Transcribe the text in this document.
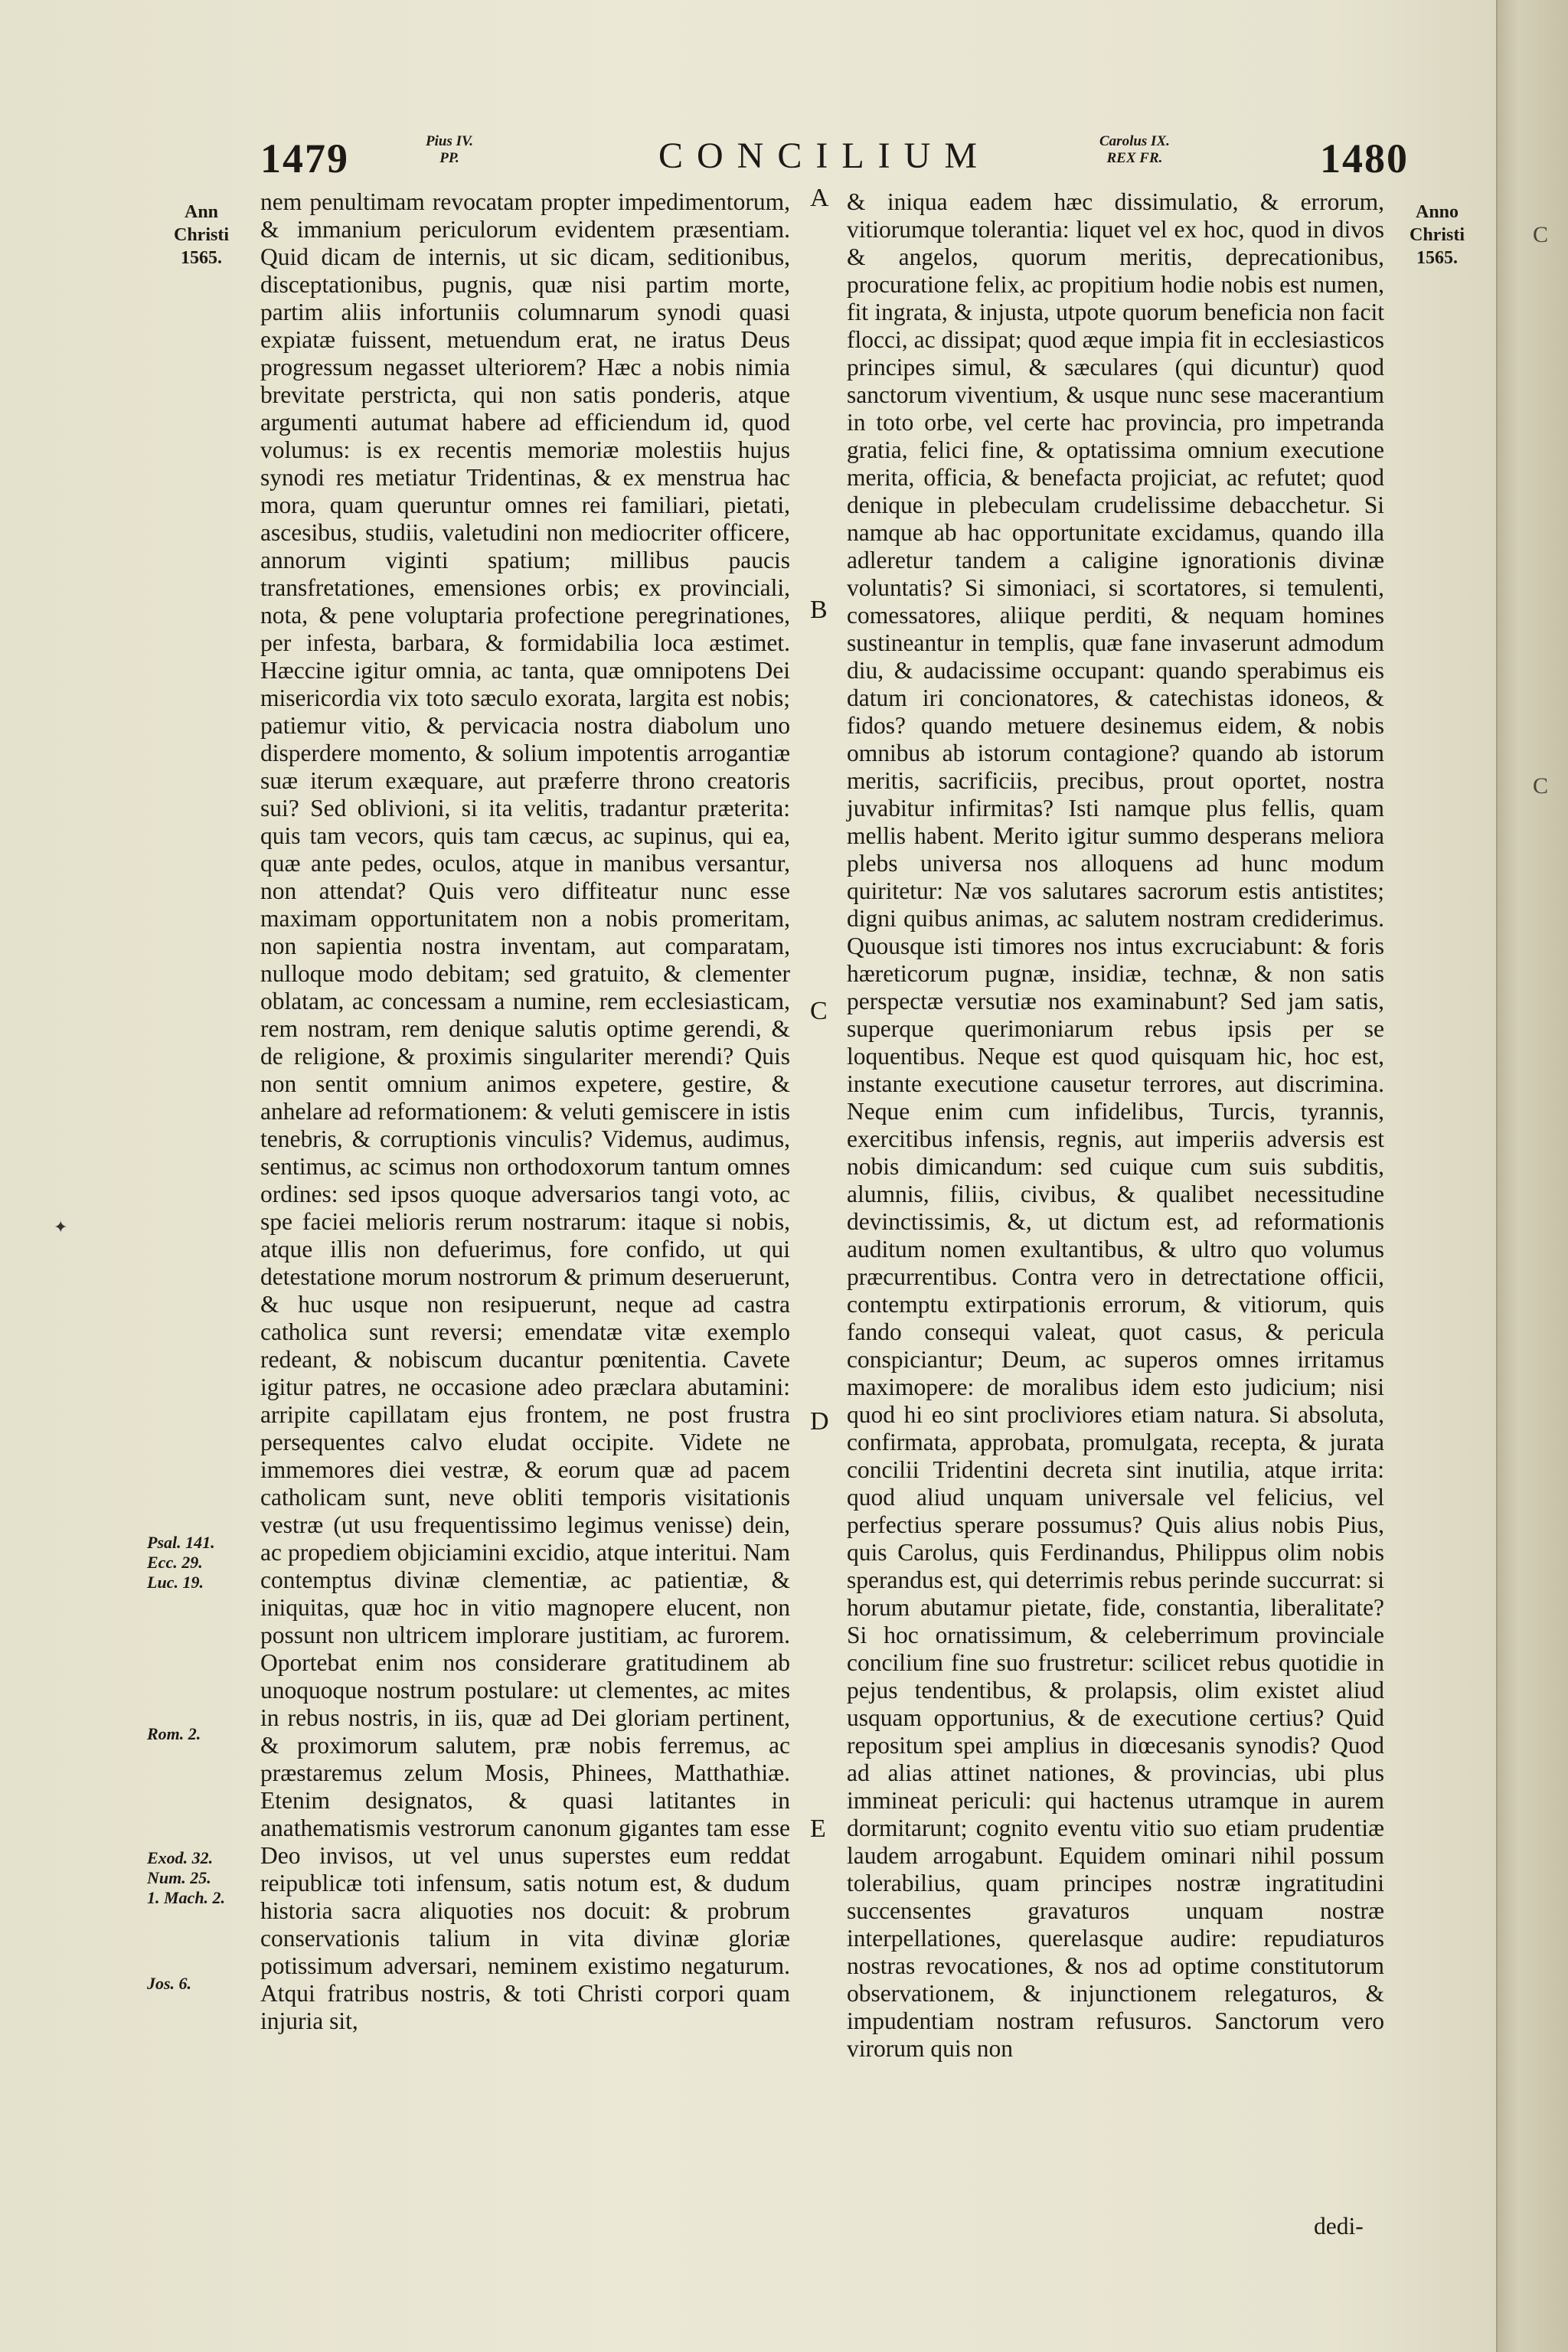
C
C
1479	Pius IV.
PP.	CONCILIUM	Carolus IX.
REX FR.	1480
Ann
Christi
1565.
Anno
Christi
1565.
Psal. 141.
Ecc. 29.
Luc. 19.
Rom. 2.
Exod. 32.
Num. 25.
1. Mach. 2.
Jos. 6.
A
B
C
D
E

nem penultimam revocatam propter impedimentorum, & immanium periculorum evidentem præsentiam. Quid dicam de internis, ut sic dicam, seditionibus, disceptationibus, pugnis, quæ nisi partim morte, partim aliis infortuniis columnarum synodi quasi expiatæ fuissent, metuendum erat, ne iratus Deus progressum negasset ulteriorem? Hæc a nobis nimia brevitate perstricta, qui non satis ponderis, atque argumenti autumat habere ad efficiendum id, quod volumus: is ex recentis memoriæ molestiis hujus synodi res metiatur Tridentinas, & ex menstrua hac mora, quam queruntur omnes rei familiari, pietati, ascesibus, studiis, valetudini non mediocriter officere, annorum viginti spatium; millibus paucis transfretationes, emensiones orbis; ex provinciali, nota, & pene voluptaria profectione peregrinationes, per infesta, barbara, & formidabilia loca æstimet. Hæccine igitur omnia, ac tanta, quæ omnipotens Dei misericordia vix toto sæculo exorata, largita est nobis; patiemur vitio, & pervicacia nostra diabolum uno disperdere momento, & solium impotentis arrogantiæ suæ iterum exæquare, aut præferre throno creatoris sui? Sed oblivioni, si ita velitis, tradantur præterita: quis tam vecors, quis tam cæcus, ac supinus, qui ea, quæ ante pedes, oculos, atque in manibus versantur, non attendat? Quis vero diffiteatur nunc esse maximam opportunitatem non a nobis promeritam, non sapientia nostra inventam, aut comparatam, nulloque modo debitam; sed gratuito, & clementer oblatam, ac concessam a numine, rem ecclesiasticam, rem nostram, rem denique salutis optime gerendi, & de religione, & proximis singulariter merendi? Quis non sentit omnium animos expetere, gestire, & anhelare ad reformationem: & veluti gemiscere in istis tenebris, & corruptionis vinculis? Videmus, audimus, sentimus, ac scimus non orthodoxorum tantum omnes ordines: sed ipsos quoque adversarios tangi voto, ac spe faciei melioris rerum nostrarum: itaque si nobis, atque illis non defuerimus, fore confido, ut qui detestatione morum nostrorum & primum deseruerunt, & huc usque non resipuerunt, neque ad castra catholica sunt reversi; emendatæ vitæ exemplo redeant, & nobiscum ducantur pœnitentia. Cavete igitur patres, ne occasione adeo præclara abutamini: arripite capillatam ejus frontem, ne post frustra persequentes calvo eludat occipite. Videte ne immemores diei vestræ, & eorum quæ ad pacem catholicam sunt, neve obliti temporis visitationis vestræ (ut usu frequentissimo legimus venisse) dein, ac propediem objiciamini excidio, atque interitui. Nam contemptus divinæ clementiæ, ac patientiæ, & iniquitas, quæ hoc in vitio magnopere elucent, non possunt non ultricem implorare justitiam, ac furorem. Oportebat enim nos considerare gratitudinem ab unoquoque nostrum postulare: ut clementes, ac mites in rebus nostris, in iis, quæ ad Dei gloriam pertinent, & proximorum salutem, præ nobis ferremus, ac præstaremus zelum Mosis, Phinees, Matthathiæ. Etenim designatos, & quasi latitantes in anathematismis vestrorum canonum gigantes tam esse Deo invisos, ut vel unus superstes eum reddat reipublicæ toti infensum, satis notum est, & dudum historia sacra aliquoties nos docuit: & probrum conservationis talium in vita divinæ gloriæ potissimum adversari, neminem existimo negaturum. Atqui fratribus nostris, & toti Christi corpori quam injuria sit,

& iniqua eadem hæc dissimulatio, & errorum, vitiorumque tolerantia: liquet vel ex hoc, quod in divos & angelos, quorum meritis, deprecationibus, procuratione felix, ac propitium hodie nobis est numen, fit ingrata, & injusta, utpote quorum beneficia non facit flocci, ac dissipat; quod æque impia fit in ecclesiasticos principes simul, & sæculares (qui dicuntur) quod sanctorum viventium, & usque nunc sese macerantium in toto orbe, vel certe hac provincia, pro impetranda gratia, felici fine, & optatissima omnium executione merita, officia, & benefacta projiciat, ac refutet; quod denique in plebeculam crudelissime debacchetur. Si namque ab hac opportunitate excidamus, quando illa adleretur tandem a caligine ignorationis divinæ voluntatis? Si simoniaci, si scortatores, si temulenti, comessatores, aliique perditi, & nequam homines sustineantur in templis, quæ fane invaserunt admodum diu, & audacissime occupant: quando sperabimus eis datum iri concionatores, & catechistas idoneos, & fidos? quando metuere desinemus eidem, & nobis omnibus ab istorum contagione? quando ab istorum meritis, sacrificiis, precibus, prout oportet, nostra juvabitur infirmitas? Isti namque plus fellis, quam mellis habent. Merito igitur summo desperans meliora plebs universa nos alloquens ad hunc modum quiritetur: Næ vos salutares sacrorum estis antistites; digni quibus animas, ac salutem nostram crediderimus. Quousque isti timores nos intus excruciabunt: & foris hæreticorum pugnæ, insidiæ, technæ, & non satis perspectæ versutiæ nos examinabunt? Sed jam satis, superque querimoniarum rebus ipsis per se loquentibus. Neque est quod quisquam hic, hoc est, instante executione causetur terrores, aut discrimina. Neque enim cum infidelibus, Turcis, tyrannis, exercitibus infensis, regnis, aut imperiis adversis est nobis dimicandum: sed cuique cum suis subditis, alumnis, filiis, civibus, & qualibet necessitudine devinctissimis, &, ut dictum est, ad reformationis auditum nomen exultantibus, & ultro quo volumus præcurrentibus. Contra vero in detrectatione officii, contemptu extirpationis errorum, & vitiorum, quis fando consequi valeat, quot casus, & pericula conspiciantur; Deum, ac superos omnes irritamus maximopere: de moralibus idem esto judicium; nisi quod hi eo sint procliviores etiam natura. Si absoluta, confirmata, approbata, promulgata, recepta, & jurata concilii Tridentini decreta sint inutilia, atque irrita: quod aliud unquam universale vel felicius, vel perfectius sperare possumus? Quis alius nobis Pius, quis Carolus, quis Ferdinandus, Philippus olim nobis sperandus est, qui deterrimis rebus perinde succurrat: si horum abutamur pietate, fide, constantia, liberalitate? Si hoc ornatissimum, & celeberrimum provinciale concilium fine suo frustretur: scilicet rebus quotidie in pejus tendentibus, & prolapsis, olim existet aliud usquam opportunius, & de executione certius? Quid repositum spei amplius in diœcesanis synodis? Quod ad alias attinet nationes, & provincias, ubi plus immineat periculi: qui hactenus utramque in aurem dormitarunt; cognito eventu vitio suo etiam prudentiæ laudem arrogabunt. Equidem ominari nihil possum tolerabilius, quam principes nostræ ingratitudini succensentes gravaturos unquam nostræ interpellationes, querelasque audire: repudiaturos nostras revocationes, & nos ad optime constitutorum observationem, & injunctionem relegaturos, & impudentiam nostram refusuros. Sanctorum vero virorum quis non

dedi-
✦
